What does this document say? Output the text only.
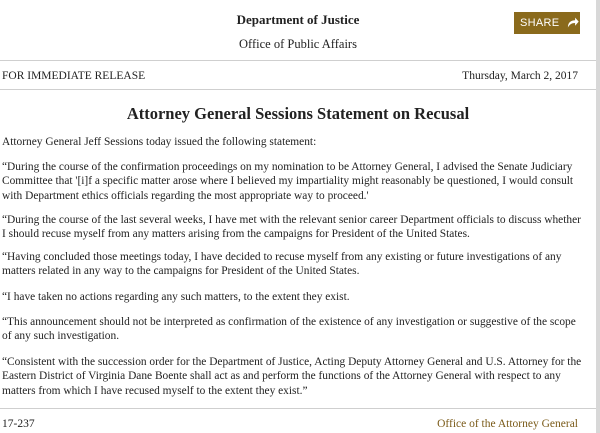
Department of Justice
Office of Public Affairs
SHARE
FOR IMMEDIATE RELEASE	Thursday, March 2, 2017
Attorney General Sessions Statement on Recusal

Attorney General Jeff Sessions today issued the following statement:

“During the course of the confirmation proceedings on my nomination to be Attorney General, I advised the Senate Judiciary Committee that '[i]f a specific matter arose where I believed my impartiality might reasonably be questioned, I would consult with Department ethics officials regarding the most appropriate way to proceed.'

“During the course of the last several weeks, I have met with the relevant senior career Department officials to discuss whether I should recuse myself from any matters arising from the campaigns for President of the United States.

“Having concluded those meetings today, I have decided to recuse myself from any existing or future investigations of any matters related in any way to the campaigns for President of the United States.

“I have taken no actions regarding any such matters, to the extent they exist.

“This announcement should not be interpreted as confirmation of the existence of any investigation or suggestive of the scope of any such investigation.

“Consistent with the succession order for the Department of Justice, Acting Deputy Attorney General and U.S. Attorney for the Eastern District of Virginia Dane Boente shall act as and perform the functions of the Attorney General with respect to any matters from which I have recused myself to the extent they exist.”

17-237	Office of the Attorney General
